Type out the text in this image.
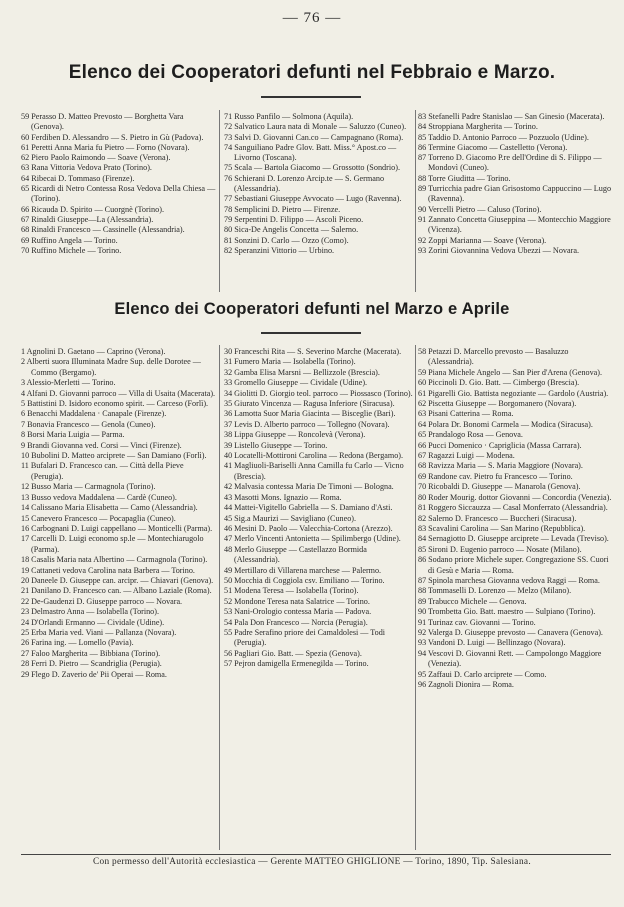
— 76 —
Elenco dei Cooperatori defunti nel Febbraio e Marzo.
59 Perasso D. Matteo Prevosto — Borghetta Vara (Genova).
60 Ferdiben D. Alessandro — S. Pietro in Gù (Padova).
61 Peretti Anna Maria fu Pietro — Forno (Novara).
62 Piero Paolo Raimondo — Soave (Verona).
63 Rana Vittoria Vedova Prato (Torino).
64 Ribecai D. Tommaso (Firenze).
65 Ricardi di Netro Contessa Rosa Vedova Della Chiesa — (Torino).
66 Ricauda D. Spirito — Cuorgnè (Torino).
67 Rinaldi Giuseppe—La (Alessandria).
68 Rinaldi Francesco — Cassinelle (Alessandria).
69 Ruffino Angela — Torino.
70 Ruffino Michele — Torino.
71 Russo Panfilo — Solmona (Aquila).
72 Salvatico Laura nata di Monale — Saluzzo (Cuneo).
73 Salvi D. Giovanni Can.co — Campagnano (Roma).
74 Sanguiliano Padre Glov. Batt. Miss.° Apost.co — Livorno (Toscana).
75 Scala — Bartola Giacomo — Grossotto (Sondrio).
76 Schierani D. Lorenzo Arcip.te — S. Germano (Alessandria).
77 Sebastiani Giuseppe Avvocato — Lugo (Ravenna).
78 Semplicini D. Pietro — Firenze.
79 Serpentini D. Filippo — Ascoli Piceno.
80 Sica-De Angelis Concetta — Salerno.
81 Sonzini D. Carlo — Ozzo (Como).
82 Speranzini Vittorio — Urbino.
83 Stefanelli Padre Stanislao — San Ginesio (Macerata).
84 Stroppiana Margherita — Torino.
85 Taddio D. Antonio Parroco — Pozzuolo (Udine).
86 Termine Giacomo — Castelletto (Verona).
87 Torreno D. Giacomo P.re dell'Ordine di S. Filippo — Mondovì (Cuneo).
88 Torre Giuditta — Torino.
89 Turricchia padre Gian Grisostomo Cappuccino — Lugo (Ravenna).
90 Vercelli Pietro — Caluso (Torino).
91 Zannato Concetta Giuseppina — Montecchio Maggiore (Vicenza).
92 Zoppi Marianna — Soave (Verona).
93 Zorini Giovannina Vedova Ubezzi — Novara.
Elenco dei Cooperatori defunti nel Marzo e Aprile
1 Agnolini D. Gaetano — Caprino (Verona).
2 Alberti suora Illuminata Madre Sup. delle Dorotee — Commo (Bergamo).
3 Alessio-Merletti — Torino.
4 Alfani D. Giovanni parroco — Villa di Usaita (Macerata).
5 Battistini D. Isidoro economo spirit. — Carceso (Forlì).
6 Benacchi Maddalena · Canapale (Firenze).
7 Bonavia Francesco — Genola (Cuneo).
8 Borsi Maria Luigia — Parma.
9 Brandi Giovanna ved. Corsi — Vinci (Firenze).
10 Bubolini D. Matteo arciprete — San Damiano (Forlì).
11 Bufalari D. Francesco can. — Città della Pieve (Perugia).
12 Busso Maria — Carmagnola (Torino).
13 Busso vedova Maddalena — Cardè (Cuneo).
14 Calissano Maria Elisabetta — Camo (Alessandria).
15 Canevero Francesco — Pocapaglia (Cuneo).
16 Carbognani D. Luigi cappellano — Monticelli (Parma).
17 Carcelli D. Luigi economo sp.le — Montechiarugolo (Parma).
18 Casalis Maria nata Albertino — Carmagnola (Torino).
19 Cattaneti vedova Carolina nata Barbera — Torino.
20 Daneele D. Giuseppe can. arcipr. — Chiavari (Genova).
21 Danilano D. Francesco can. — Albano Laziale (Roma).
22 De-Gaudenzi D. Giuseppe parroco — Novara.
23 Delmastro Anna — Isolabella (Torino).
24 D'Orlandi Ermanno — Cividale (Udine).
25 Erba Maria ved. Viani — Pallanza (Novara).
26 Farina ing. — Lomello (Pavia).
27 Faloo Margherita — Bibbiana (Torino).
28 Ferri D. Pietro — Scandriglia (Perugia).
29 Flego D. Zaverio de' Pii Operai — Roma.
30 Franceschi Rita — S. Severino Marche (Macerata).
31 Fumero Maria — Isolabella (Torino).
32 Gamba Elisa Marsni — Bellizzole (Brescia).
33 Gromello Giuseppe — Cividale (Udine).
34 Giolitti D. Giorgio teol. parroco — Piossasco (Torino).
35 Giurato Vincenza — Ragusa Inferiore (Siracusa).
36 Lamotta Suor Maria Giacinta — Bisceglie (Bari).
37 Levis D. Alberto parroco — Tollegno (Novara).
38 Lippa Giuseppe — Roncolevà (Verona).
39 Listello Giuseppe — Torino.
40 Locatelli-Mottironi Carolina — Redona (Bergamo).
41 Magliuoli-Bariselli Anna Camilla fu Carlo — Vicno (Brescia).
42 Malvasia contessa Maria De Timoni — Bologna.
43 Masotti Mons. Ignazio — Roma.
44 Mattei-Vigitello Gabriella — S. Damiano d'Asti.
45 Sig.a Maurizi — Savigliano (Cuneo).
46 Mesini D. Paolo — Valecchia-Cortona (Arezzo).
47 Merlo Vincenti Antonietta — Spilimbergo (Udine).
48 Merlo Giuseppe — Castellazzo Bormida (Alessandria).
49 Mertillaro di Villarena marchese — Palermo.
50 Mocchia di Coggiola csv. Emiliano — Torino.
51 Modena Teresa — Isolabella (Torino).
52 Mondone Teresa nata Salatrice — Torino.
53 Nani-Orologio contessa Maria — Padova.
54 Pala Don Francesco — Norcia (Perugia).
55 Padre Serafino priore dei Camaldolesi — Todi (Perugia).
56 Pagliari Gio. Batt. — Spezia (Genova).
57 Pejron damigella Ermenegilda — Torino.
58 Petazzi D. Marcello prevosto — Basaluzzo (Alessandria).
59 Piana Michele Angelo — San Pier d'Arena (Genova).
60 Piccinoli D. Gio. Batt. — Cimbergo (Brescia).
61 Pigarelli Gio. Battista negoziante — Gardolo (Austria).
62 Piscetta Giuseppe — Borgomanero (Novara).
63 Pisani Catterina — Roma.
64 Polara Dr. Bonomi Carmela — Modica (Siracusa).
65 Prandalogo Rosa — Genova.
66 Pucci Domenico · Capriglicia (Massa Carrara).
67 Ragazzi Luigi — Modena.
68 Ravizza Maria — S. Maria Maggiore (Novara).
69 Randone cav. Pietro fu Francesco — Torino.
70 Ricobaldi D. Giuseppe — Manarola (Genova).
80 Roder Mourig. dottor Giovanni — Concordia (Venezia).
81 Roggero Siccauzza — Casal Monferrato (Alessandria).
82 Salerno D. Francesco — Buccheri (Siracusa).
83 Scavalini Carolina — San Marino (Repubblica).
84 Sernagiotto D. Giuseppe arciprete — Levada (Treviso).
85 Sironi D. Eugenio parroco — Nosate (Milano).
86 Sodano priore Michele super. Congregazione SS. Cuori di Gesù e Maria — Roma.
87 Spinola marchesa Giovanna vedova Raggi — Roma.
88 Tommaselli D. Lorenzo — Melzo (Milano).
89 Trabucco Michele — Genova.
90 Trombetta Gio. Batt. maestro — Sulpiano (Torino).
91 Turinaz cav. Giovanni — Torino.
92 Valerga D. Giuseppe prevosto — Canavera (Genova).
93 Vandoni D. Luigi — Bellinzago (Novara).
94 Vescovi D. Giovanni Rett. — Campolongo Maggiore (Venezia).
95 Zaffaui D. Carlo arciprete — Como.
96 Zagnoli Dionira — Roma.
Con permesso dell'Autorità ecclesiastica — Gerente MATTEO GHIGLIONE — Torino, 1890, Tip. Salesiana.
